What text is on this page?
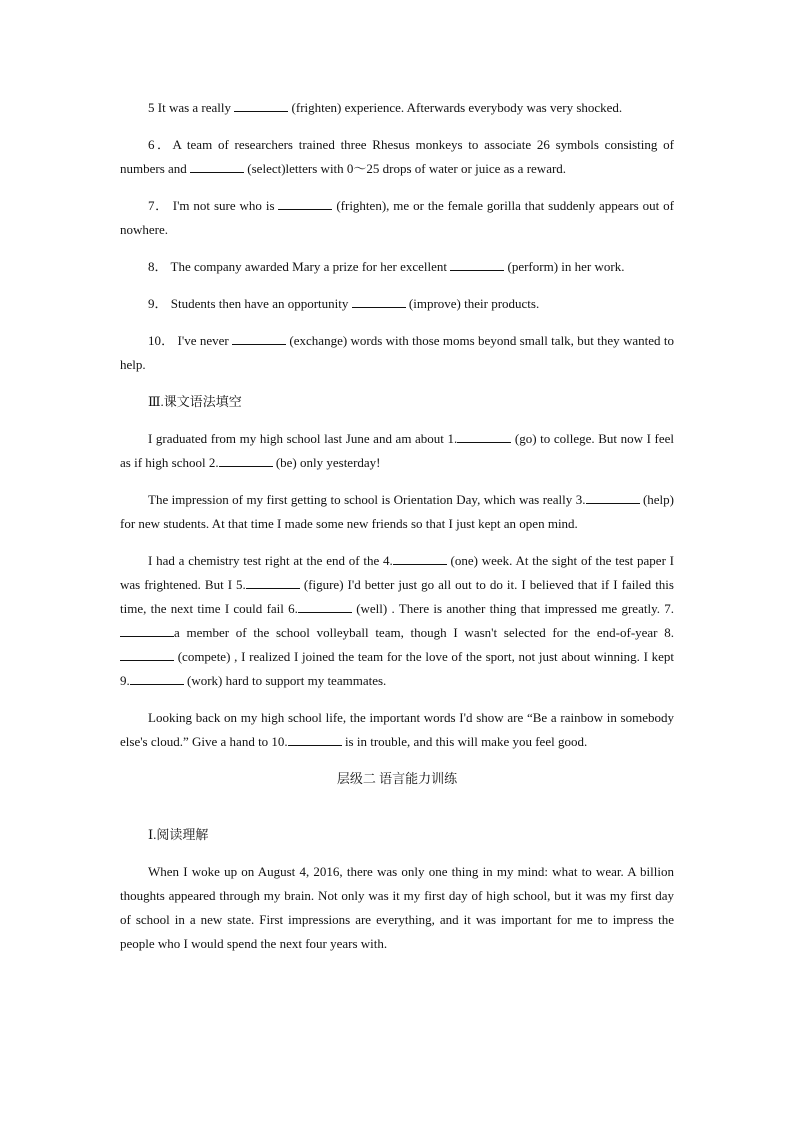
5 It was a really	(frighten) experience. Afterwards everybody was very shocked.

6．A team of researchers trained three Rhesus monkeys to associate 26 symbols consisting of numbers and	(select)letters with 0～25 drops of water or juice as a reward.

7． I'm not sure who is	(frighten), me or the female gorilla that suddenly appears out of nowhere.

8． The company awarded Mary a prize for her excellent	(perform) in her work.

9． Students then have an opportunity	(improve) their products.

10． I've never	(exchange) words with those moms beyond small talk, but they wanted to help.

Ⅲ.课文语法填空

I graduated from my high school last June and am about 1.	(go) to college. But now I feel as if high school 2.	(be) only yesterday!

The impression of my first getting to school is Orientation Day, which was really 3.	(help) for new students. At that time I made some new friends so that I just kept an open mind.

I had a chemistry test right at the end of the 4.	(one) week. At the sight of the test paper I was frightened. But I 5.	(figure) I'd better just go all out to do it. I believed that if I failed this time, the next time I could fail 6.	(well) . There is another thing that impressed me greatly. 7.a member of the school volleyball team, though I wasn't selected for the end-of-year 8. (compete) , I realized I joined the team for the love of the sport, not just about winning. I kept 9.	(work) hard to support my teammates.

Looking back on my high school life, the important words I'd show are “Be a rainbow in somebody else's cloud.” Give a hand to 10.	is in trouble, and this will make you feel good.

层级二 语言能力训练

Ⅰ.阅读理解

When I woke up on August 4, 2016, there was only one thing in my mind: what to wear. A billion thoughts appeared through my brain. Not only was it my first day of high school, but it was my first day of school in a new state. First impressions are everything, and it was important for me to impress the people who I would spend the next four years with.
